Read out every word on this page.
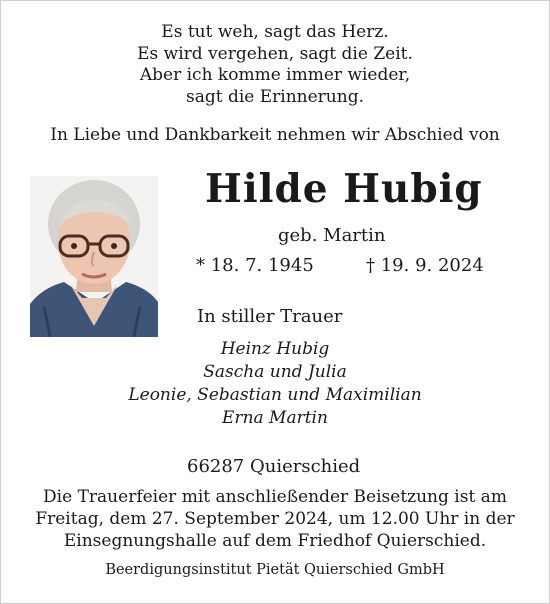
Es tut weh, sagt das Herz.
Es wird vergehen, sagt die Zeit.
Aber ich komme immer wieder,
sagt die Erinnerung.
In Liebe und Dankbarkeit nehmen wir Abschied von
Hilde Hubig
geb. Martin
* 18. 7. 1945	† 19. 9. 2024
In stiller Trauer
Heinz Hubig
Sascha und Julia
Leonie, Sebastian und Maximilian
Erna Martin
66287 Quierschied
Die Trauerfeier mit anschließender Beisetzung ist am
Freitag, dem 27. September 2024, um 12.00 Uhr in der
Einsegnungshalle auf dem Friedhof Quierschied.
Beerdigungsinstitut Pietät Quierschied GmbH
